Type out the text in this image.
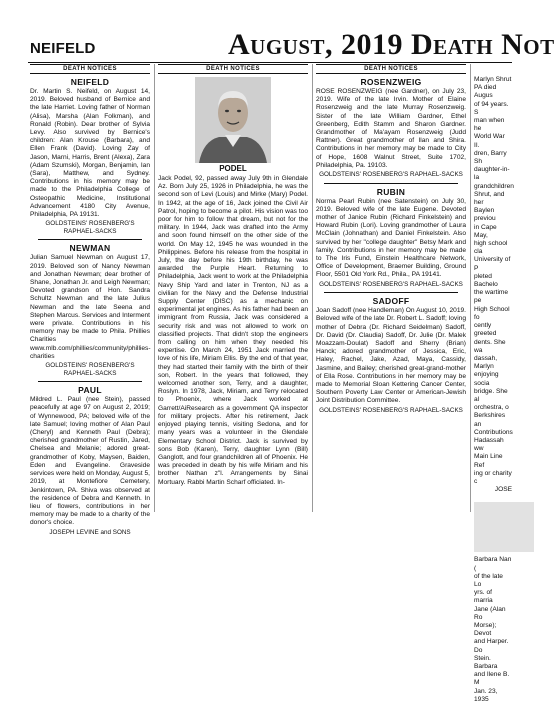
NEIFELD	August, 2019 Death Not
DEATH NOTICES
NEIFELD

Dr. Martin S. Neifeld, on August 14, 2019. Beloved husband of Bernice and the late Harriet. Loving father of Norman (Alisa), Marsha (Alan Folkman), and Ronald (Robin). Dear brother of Sylvia Levy. Also survived by Bernice's children: Alan Krouse (Barbara), and Ellen Frank (David). Loving Zay of Jason, Marni, Harris, Brent (Alexa), Zara (Adam Szumski), Morgan, Benjamin, Ian (Sara), Matthew, and Sydney. Contributions in his memory may be made to the Philadelphia College of Osteopathic Medicine, Institutional Advancement 4180 City Avenue, Philadelphia, PA 19131.

GOLDSTEINS' ROSENBERG'S RAPHAEL-SACKS

NEWMAN

Julian Samuel Newman on August 17, 2019. Beloved son of Nancy Newman and Jonathan Newman; dear brother of Shane, Jonathan Jr. and Leigh Newman; Devoted grandson of Hon. Sandra Schultz Newman and the late Julius Newman and the late Seena and Stephen Marcus. Services and Interment were private. Contributions in his memory may be made to Phila. Phillies Charities www.mlb.com/phillies/community/phillies-charities

GOLDSTEINS' ROSENBERG'S RAPHAEL-SACKS

PAUL

Mildred L. Paul (nee Stein), passed peacefully at age 97 on August 2, 2019; of Wynnewood, PA; beloved wife of the late Samuel; loving mother of Alan Paul (Cheryl) and Kenneth Paul (Debra); cherished grandmother of Rustin, Jared, Chelsea and Melanie; adored great-grandmother of Koby, Maysen, Baiden, Eden and Evangeline. Graveside services were held on Monday, August 5, 2019, at Montefiore Cemetery, Jenkintown, PA. Shiva was observed at the residence of Debra and Kenneth. In lieu of flowers, contributions in her memory may be made to a charity of the donor's choice.

JOSEPH LEVINE and SONS

DEATH NOTICES
PODEL

Jack Podel, 92, passed away July 9th in Glendale Az. Born July 25, 1926 in Philadelphia, he was the second son of Levi (Louis) and Mirke (Mary) Podel. In 1942, at the age of 16, Jack joined the Civil Air Patrol, hoping to become a pilot. His vision was too poor for him to follow that dream, but not for the military. In 1944, Jack was drafted into the Army and soon found himself on the other side of the world. On May 12, 1945 he was wounded in the Philippines. Before his release from the hospital in July, the day before his 19th birthday, he was awarded the Purple Heart. Returning to Philadelphia, Jack went to work at the Philadelphia Navy Ship Yard and later in Trenton, NJ as a civilian for the Navy and the Defense Industrial Supply Center (DISC) as a mechanic on experimental jet engines. As his father had been an immigrant from Russia, Jack was considered a security risk and was not allowed to work on classified projects. That didn't stop the engineers from calling on him when they needed his expertise. On March 24, 1951 Jack married the love of his life, Miriam Ellis. By the end of that year, they had started their family with the birth of their son, Robert. In the years that followed, they welcomed another son, Terry, and a daughter, Roslyn. In 1978, Jack, Miriam, and Terry relocated to Phoenix, where Jack worked at Garrett/AiResearch as a government QA inspector for military projects. After his retirement, Jack enjoyed playing tennis, visiting Sedona, and for many years was a volunteer in the Glendale Elementary School District. Jack is survived by sons Bob (Karen), Terry, daughter Lynn (Bill) Ganglott, and four grandchildren all of Phoenix. He was preceded in death by his wife Miriam and his brother Nathan z"l. Arrangements by Sinai Mortuary. Rabbi Martin Scharf officiated. In-

DEATH NOTICES
ROSENZWEIG

ROSE ROSENZWEIG (nee Gardner), on July 23, 2019. Wife of the late Irvin. Mother of Elaine Rosenzweig and the late Murray Rosenzweig. Sister of the late William Gardner, Ethel Greenberg, Edith Stamm and Sharon Gardner. Grandmother of Ma'ayam Rosenzweig (Judd Rattner). Great grandmother of Ilan and Shira. Contributions in her memory may be made to City of Hope, 1608 Walnut Street, Suite 1702, Philadelphia, Pa. 19103.

GOLDSTEINS' ROSENBERG'S RAPHAEL-SACKS

RUBIN

Norma Pearl Rubin (nee Satenstein) on July 30, 2019. Beloved wife of the late Eugene. Devoted mother of Janice Rubin (Richard Finkelstein) and Howard Rubin (Lori). Loving grandmother of Laura McClain (Johnathan) and Daniel Finkelstein. Also survived by her "college daughter" Betsy Mark and family. Contributions in her memory may be made to The Iris Fund, Einstein Healthcare Network, Office of Development, Braemer Building, Ground Floor, 5501 Old York Rd., Phila., PA 19141.

GOLDSTEINS' ROSENBERG'S RAPHAEL-SACKS

SADOFF

Joan Sadoff (nee Handleman) On August 10, 2019. Beloved wife of the late Dr. Robert L. Sadoff; loving mother of Debra (Dr. Richard Seidelman) Sadoff, Dr. David (Dr. Claudia) Sadoff, Dr. Julie (Dr. Malek Moazzam-Doulat) Sadoff and Sherry (Brian) Hanck; adored grandmother of Jessica, Eric, Haley, Rachel, Jake, Azad, Maya, Cassidy, Jasmine, and Bailey; cherished great-grand-mother of Ella Rose. Contributions in her memory may be made to Memorial Sloan Kettering Cancer Center, Southern Poverty Law Center or American-Jewish Joint Distribution Committee.

GOLDSTEINS' ROSENBERG'S RAPHAEL-SACKS

Marlyn Shrut

PA died Augus

of 94 years. S

man when he

World War II.

dren, Barry Sh

daughter-in-la

grandchildren

Shrut, and her

Baylen previou

in Cape May,

high school cla

University of P

pleted Bachelo

the wartime pe

High School fo

cently greeted

dents. She wa

dassah, Marlyn

enjoying socia

bridge. She al

orchestra, o

Berkshires an

Contributions

Hadassah ww

Main Line Ref

ing or charity c

JOSE

Barbara Nan (

of the late Lo

yrs. of marria

Jane (Alan Ro

Morse); Devot

and Harper. Do

Stein. Barbara

and Ilene B. M

Jan. 23, 1935
